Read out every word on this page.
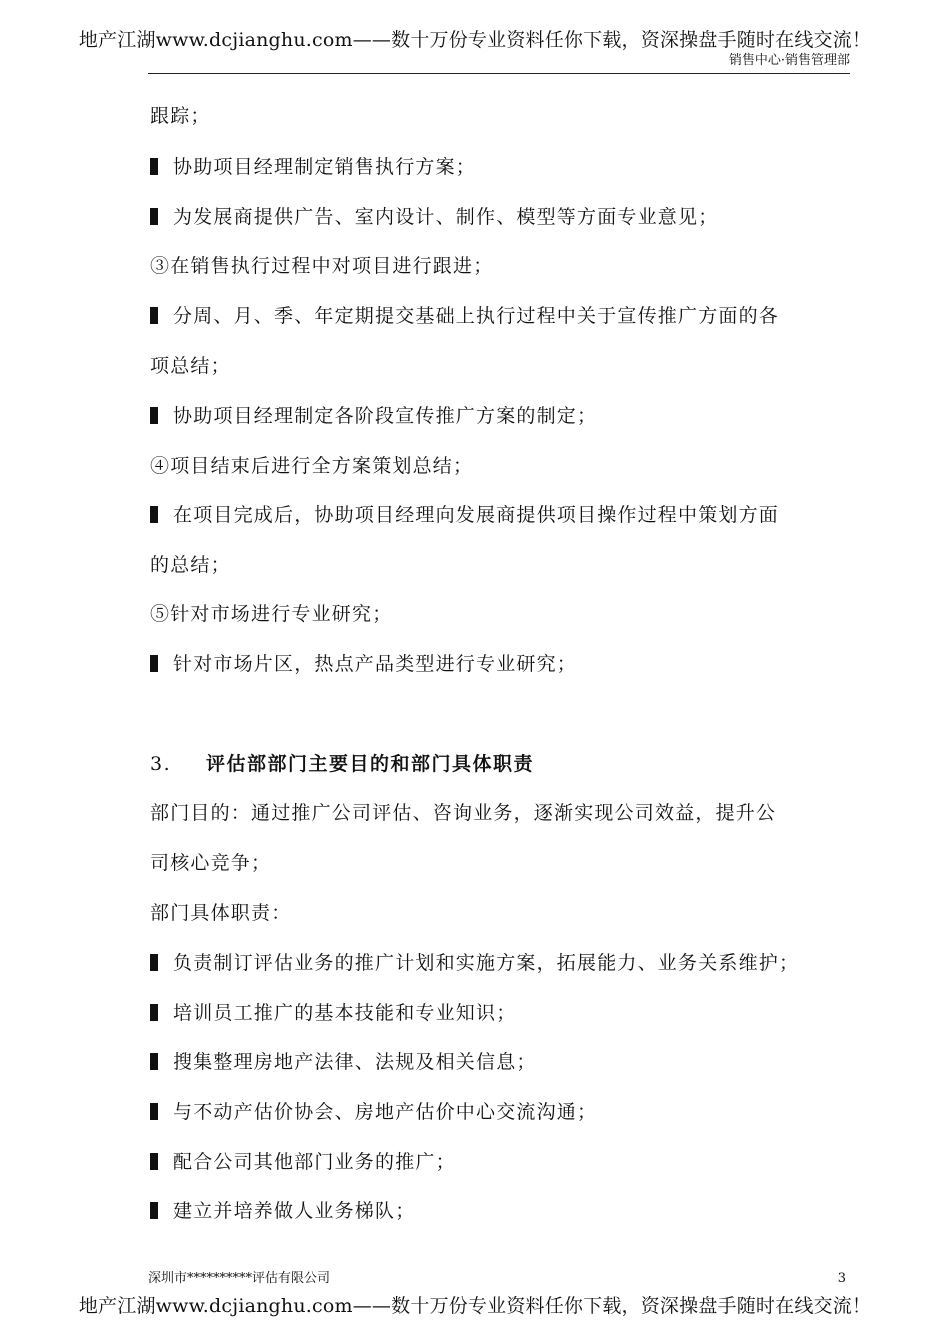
地产江湖www.dcjianghu.com——数十万份专业资料任你下载，资深操盘手随时在线交流！
销售中心·销售管理部
跟踪；
协助项目经理制定销售执行方案；
为发展商提供广告、室内设计、制作、模型等方面专业意见；
③在销售执行过程中对项目进行跟进；
分周、月、季、年定期提交基础上执行过程中关于宣传推广方面的各
项总结；
协助项目经理制定各阶段宣传推广方案的制定；
④项目结束后进行全方案策划总结；
在项目完成后，协助项目经理向发展商提供项目操作过程中策划方面
的总结；
⑤针对市场进行专业研究；
针对市场片区，热点产品类型进行专业研究；
3. 评估部部门主要目的和部门具体职责
部门目的：通过推广公司评估、咨询业务，逐渐实现公司效益，提升公
司核心竞争；
部门具体职责：
负责制订评估业务的推广计划和实施方案，拓展能力、业务关系维护；
培训员工推广的基本技能和专业知识；
搜集整理房地产法律、法规及相关信息；
与不动产估价协会、房地产估价中心交流沟通；
配合公司其他部门业务的推广；
建立并培养做人业务梯队；
深圳市**********评估有限公司	3
地产江湖www.dcjianghu.com——数十万份专业资料任你下载，资深操盘手随时在线交流！
